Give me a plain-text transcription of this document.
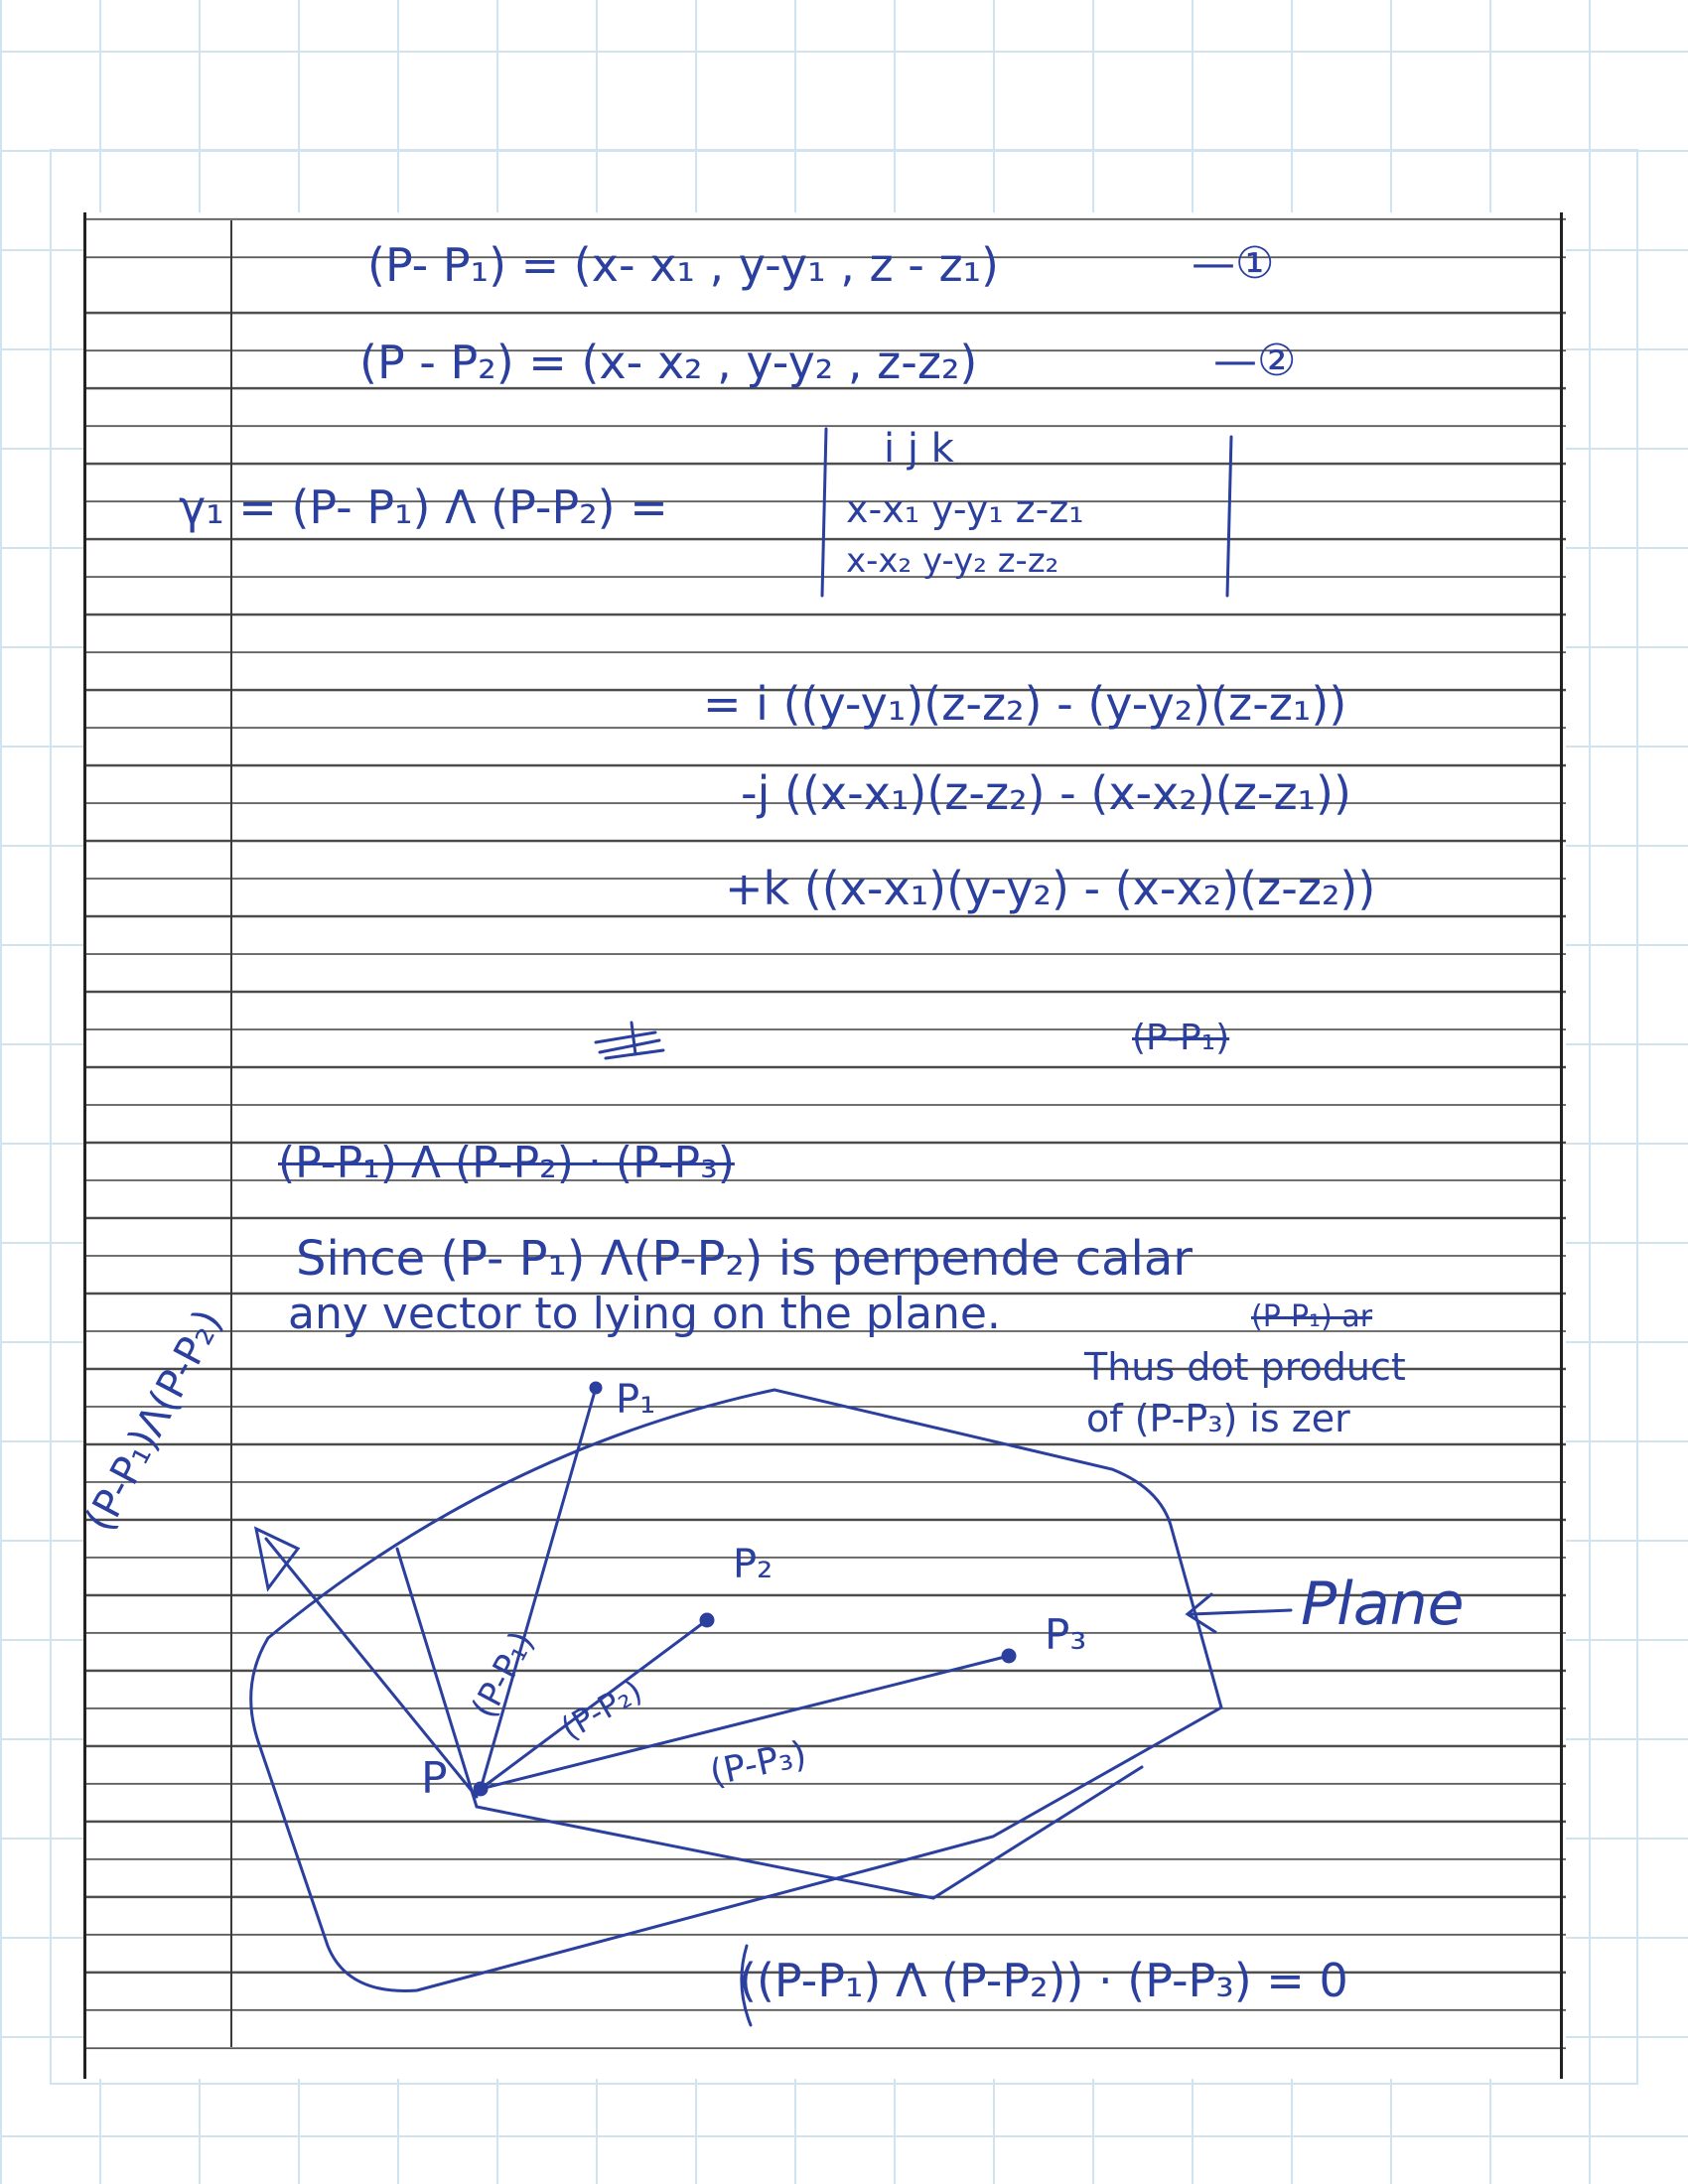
(P- P₁) = (x- x₁ , y-y₁ , z - z₁)	—①
(P - P₂) = (x- x₂ , y-y₂ , z-z₂)	—②
γ₁ = (P- P₁) Λ (P-P₂) =
i j k
x-x₁ y-y₁ z-z₁
x-x₂ y-y₂ z-z₂
= i ((y-y₁)(z-z₂) - (y-y₂)(z-z₁))
-j ((x-x₁)(z-z₂) - (x-x₂)(z-z₁))
+k ((x-x₁)(y-y₂) - (x-x₂)(z-z₂))
(P-P₁)
(P-P₁) Λ (P-P₂) · (P-P₃)
Since (P- P₁) Λ(P-P₂) is perpende calar
any vector to lying on the plane.	(P-P₁) ar
Thus dot product
of (P-P₃) is zer
(P-P₁)Λ(P-P₂)	P₁
P₂
P₃
P
(P-P₁) (P-P₂)
(P-P₃)
Plane
((P-P₁) Λ (P-P₂)) · (P-P₃) = 0
